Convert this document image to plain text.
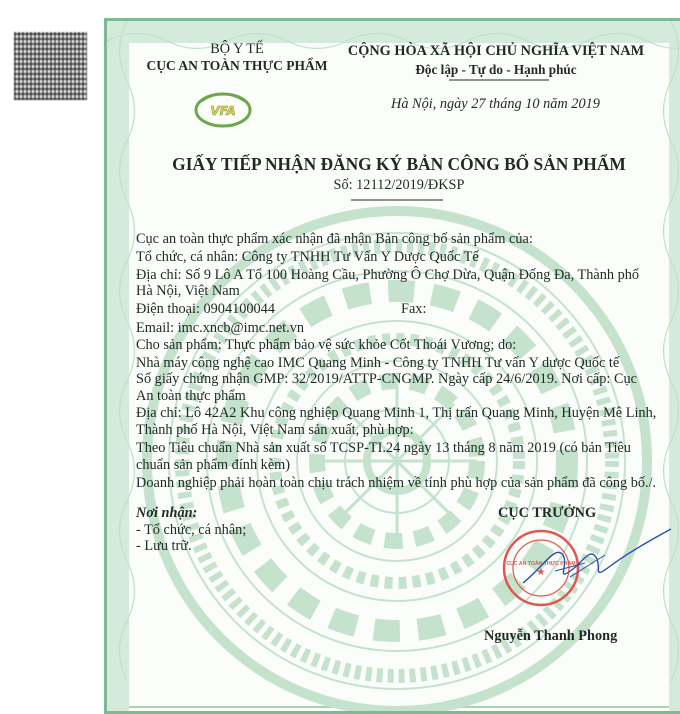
BỘ Y TẾ
CỤC AN TOÀN THỰC PHẨM
VFA
CỘNG HÒA XÃ HỘI CHỦ NGHĨA VIỆT NAM
Độc lập - Tự do - Hạnh phúc
Hà Nội, ngày 27 tháng 10 năm 2019
GIẤY TIẾP NHẬN ĐĂNG KÝ BẢN CÔNG BỐ SẢN PHẨM
Số: 12112/2019/ĐKSP
Cục an toàn thực phẩm xác nhận đã nhận Bản công bố sản phẩm của:
Tổ chức, cá nhân: Công ty TNHH Tư Vấn Y Dược Quốc Tế
Địa chỉ: Số 9 Lô A Tổ 100 Hoàng Cầu, Phường Ô Chợ Dừa, Quận Đống Đa, Thành phố
Hà Nội, Việt Nam
Điện thoại: 0904100044	Fax:
Email: imc.xncb@imc.net.vn
Cho sản phẩm: Thực phẩm bảo vệ sức khỏe Cốt Thoái Vương; do:
Nhà máy công nghệ cao IMC Quang Minh - Công ty TNHH Tư vấn Y dược Quốc tế
Số giấy chứng nhận GMP: 32/2019/ATTP-CNGMP. Ngày cấp 24/6/2019. Nơi cấp: Cục
An toàn thực phẩm
Địa chỉ: Lô 42A2 Khu công nghiệp Quang Minh 1, Thị trấn Quang Minh, Huyện Mê Linh,
Thành phố Hà Nội, Việt Nam sản xuất, phù hợp:
Theo Tiêu chuẩn Nhà sản xuất số TCSP-TI.24 ngày 13 tháng 8 năm 2019 (có bản Tiêu
chuẩn sản phẩm đính kèm)
Doanh nghiệp phải hoàn toàn chịu trách nhiệm về tính phù hợp của sản phẩm đã công bố./.
Nơi nhận:
- Tổ chức, cá nhân;
- Lưu trữ.
CỤC TRƯỞNG
CỤC AN TOÀN THỰC PHẨM
★
Nguyễn Thanh Phong
